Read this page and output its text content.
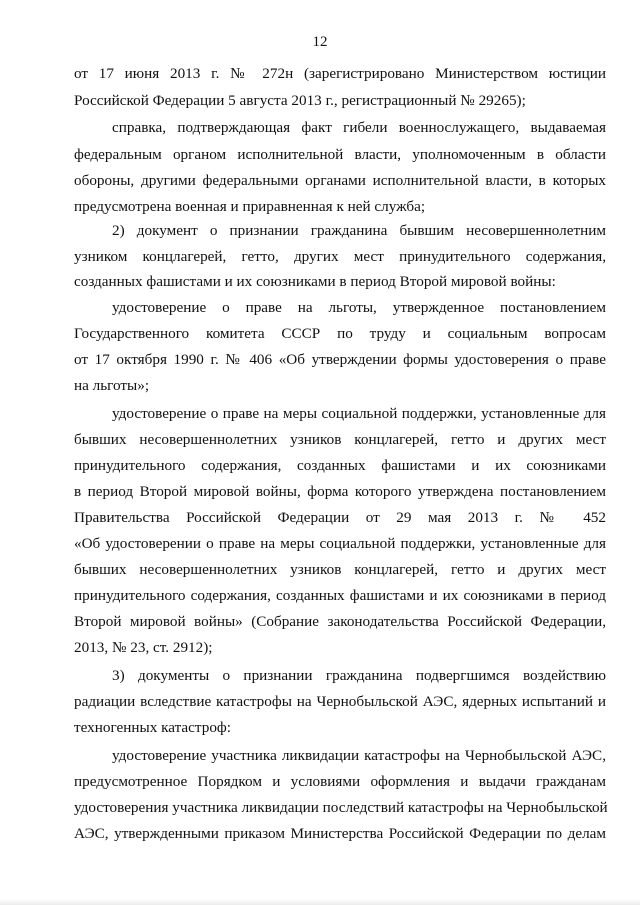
12
от 17 июня 2013 г. № 272н (зарегистрировано Министерством юстиции
Российской Федерации 5 августа 2013 г., регистрационный № 29265);
справка, подтверждающая факт гибели военнослужащего, выдаваемая
федеральным органом исполнительной власти, уполномоченным в области
обороны, другими федеральными органами исполнительной власти, в которых
предусмотрена военная и приравненная к ней служба;
2) документ о признании гражданина бывшим несовершеннолетним
узником концлагерей, гетто, других мест принудительного содержания,
созданных фашистами и их союзниками в период Второй мировой войны:
удостоверение о праве на льготы, утвержденное постановлением
Государственного комитета СССР по труду и социальным вопросам
от 17 октября 1990 г. № 406 «Об утверждении формы удостоверения о праве
на льготы»;
удостоверение о праве на меры социальной поддержки, установленные для
бывших несовершеннолетних узников концлагерей, гетто и других мест
принудительного содержания, созданных фашистами и их союзниками
в период Второй мировой войны, форма которого утверждена постановлением
Правительства Российской Федерации от 29 мая 2013 г. № 452
«Об удостоверении о праве на меры социальной поддержки, установленные для
бывших несовершеннолетних узников концлагерей, гетто и других мест
принудительного содержания, созданных фашистами и их союзниками в период
Второй мировой войны» (Собрание законодательства Российской Федерации,
2013, № 23, ст. 2912);
3) документы о признании гражданина подвергшимся воздействию
радиации вследствие катастрофы на Чернобыльской АЭС, ядерных испытаний и
техногенных катастроф:
удостоверение участника ликвидации катастрофы на Чернобыльской АЭС,
предусмотренное Порядком и условиями оформления и выдачи гражданам
удостоверения участника ликвидации последствий катастрофы на Чернобыльской
АЭС, утвержденными приказом Министерства Российской Федерации по делам
